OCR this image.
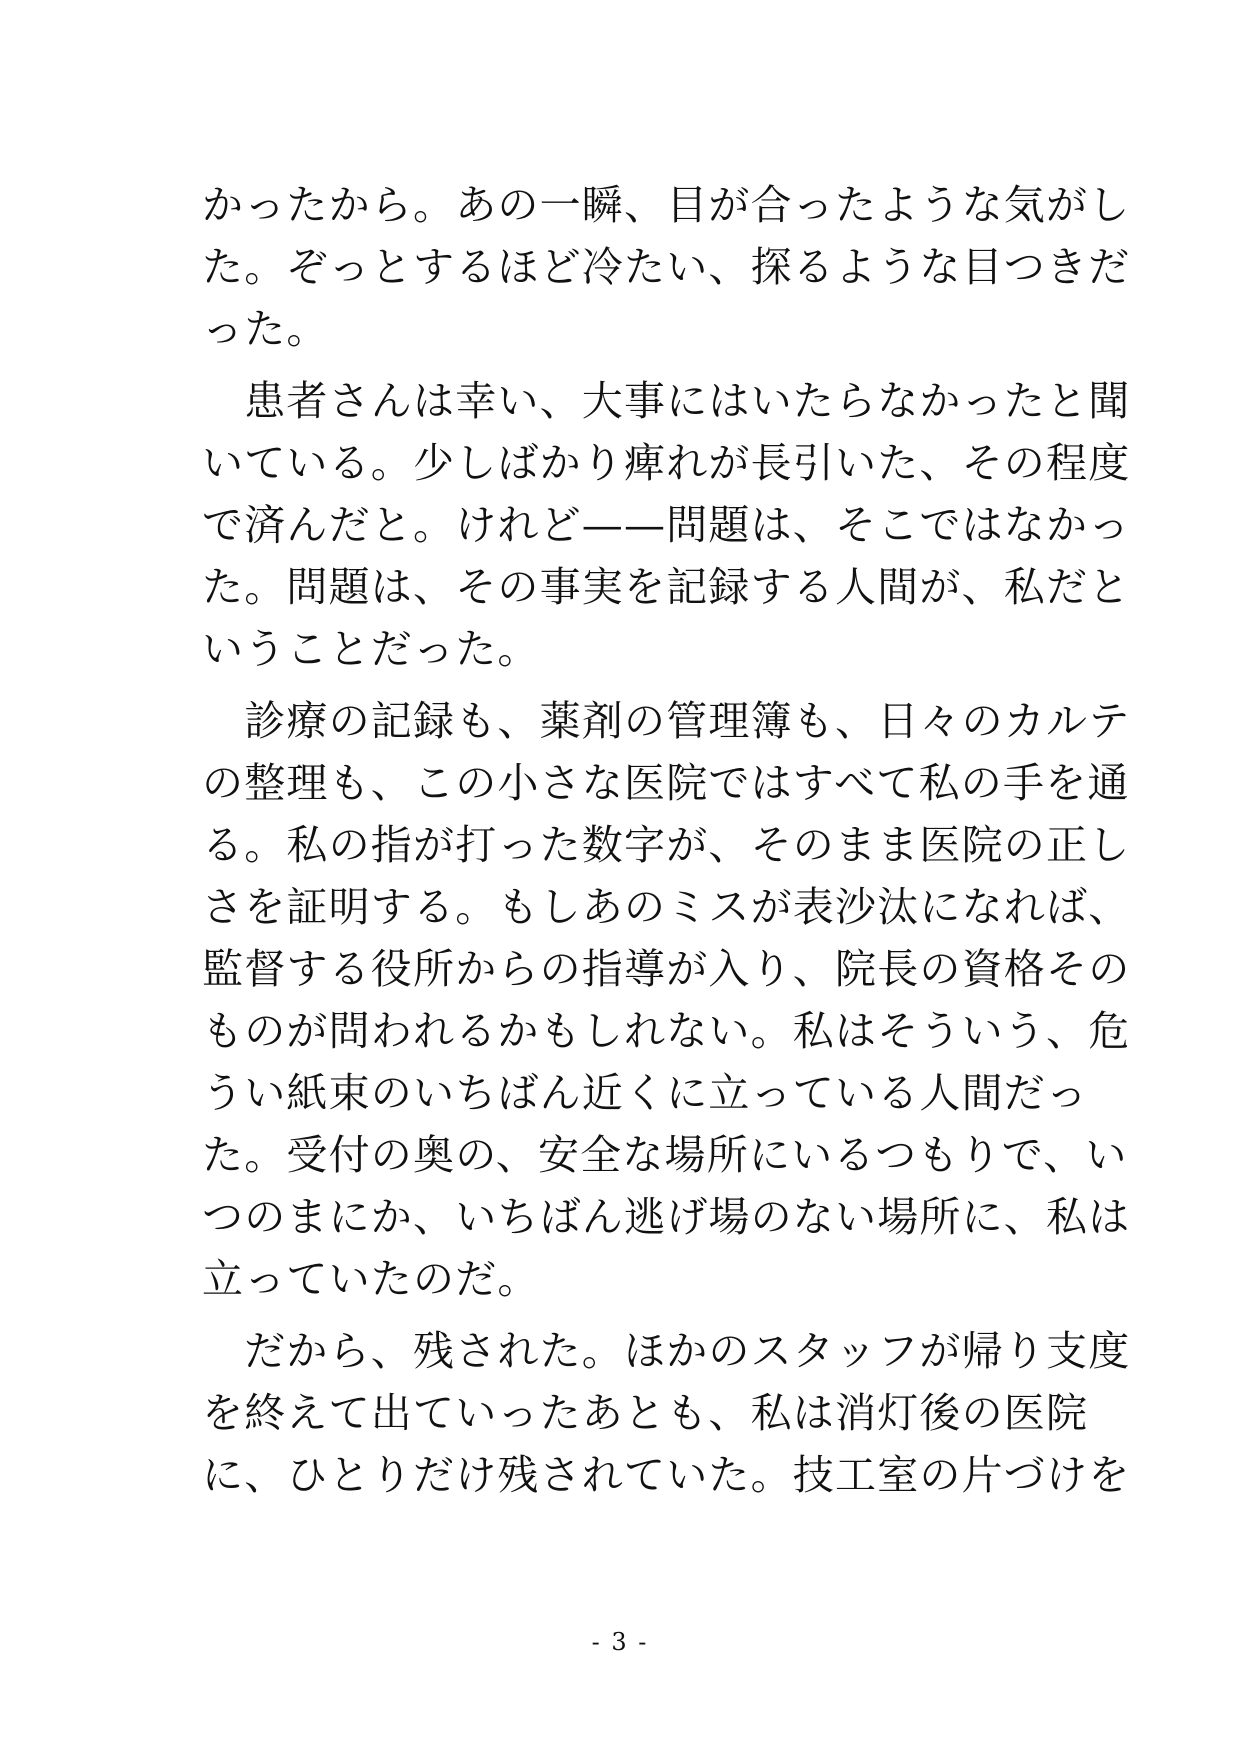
かったから。あの一瞬、目が合ったような気がし
た。ぞっとするほど冷たい、探るような目つきだ
った。
　患者さんは幸い、大事にはいたらなかったと聞
いている。少しばかり痺れが長引いた、その程度
で済んだと。けれど——問題は、そこではなかっ
た。問題は、その事実を記録する人間が、私だと
いうことだった。
　診療の記録も、薬剤の管理簿も、日々のカルテ
の整理も、この小さな医院ではすべて私の手を通
る。私の指が打った数字が、そのまま医院の正し
さを証明する。もしあのミスが表沙汰になれば、
監督する役所からの指導が入り、院長の資格その
ものが問われるかもしれない。私はそういう、危
うい紙束のいちばん近くに立っている人間だっ
た。受付の奥の、安全な場所にいるつもりで、い
つのまにか、いちばん逃げ場のない場所に、私は
立っていたのだ。
　だから、残された。ほかのスタッフが帰り支度
を終えて出ていったあとも、私は消灯後の医院
に、ひとりだけ残されていた。技工室の片づけを
- 3 -
